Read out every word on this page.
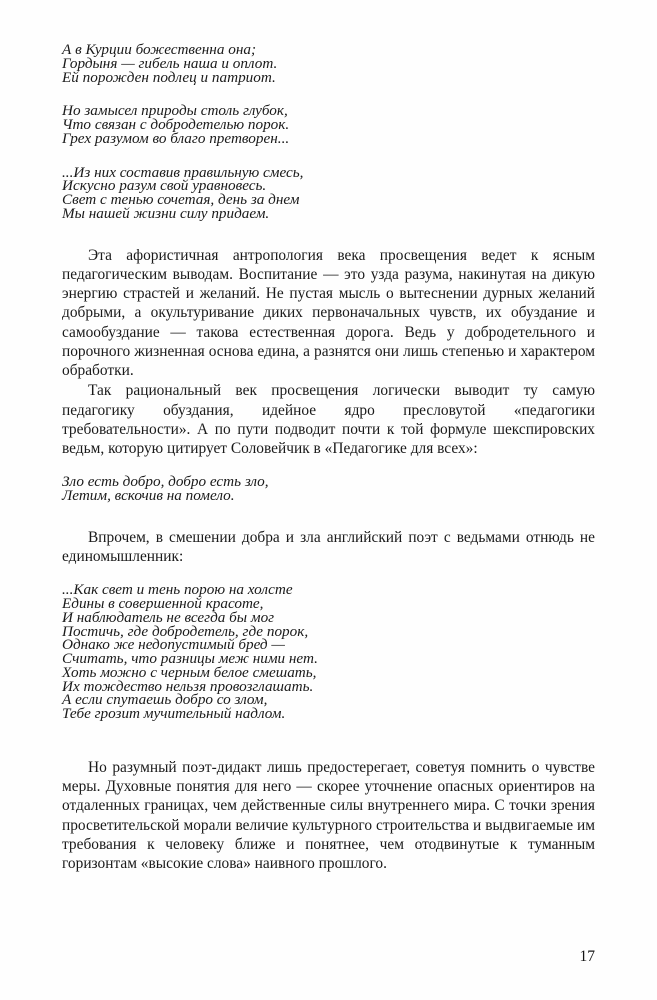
А в Курции божественна она;
Гордыня — гибель наша и оплот.
Ей порожден подлец и патриот.
Но замысел природы столь глубок,
Что связан с добродетелью порок.
Грех разумом во благо претворен...
...Из них составив правильную смесь,
Искусно разум свой уравновесь.
Свет с тенью сочетая, день за днем
Мы нашей жизни силу придаем.

Эта афористичная антропология века просвещения ведет к ясным педагогическим выводам. Воспитание — это узда разума, накинутая на дикую энергию страстей и желаний. Не пустая мысль о вытеснении дурных желаний добрыми, а окультуривание диких первоначальных чувств, их обуздание и самообуздание — такова естественная дорога. Ведь у добродетельного и порочного жизненная основа едина, а разнятся они лишь степенью и характером обработки.

Так рациональный век просвещения логически выводит ту самую педагогику обуздания, идейное ядро пресловутой «педагогики требовательности». А по пути подводит почти к той формуле шекспировских ведьм, которую цитирует Соловейчик в «Педагогике для всех»:

Зло есть добро, добро есть зло,
Летим, вскочив на помело.

Впрочем, в смешении добра и зла английский поэт с ведьмами отнюдь не единомышленник:

...Как свет и тень порою на холсте
Едины в совершенной красоте,
И наблюдатель не всегда бы мог
Постичь, где добродетель, где порок,
Однако же недопустимый бред —
Считать, что разницы меж ними нет.
Хоть можно с черным белое смешать,
Их тождество нельзя провозглашать.
А если спутаешь добро со злом,
Тебе грозит мучительный надлом.

Но разумный поэт-дидакт лишь предостерегает, советуя помнить о чувстве меры. Духовные понятия для него — скорее уточнение опасных ориентиров на отдаленных границах, чем действенные силы внутреннего мира. С точки зрения просветительской морали величие культурного строительства и выдвигаемые им требования к человеку ближе и понятнее, чем отодвинутые к туманным горизонтам «высокие слова» наивного прошлого.

17
